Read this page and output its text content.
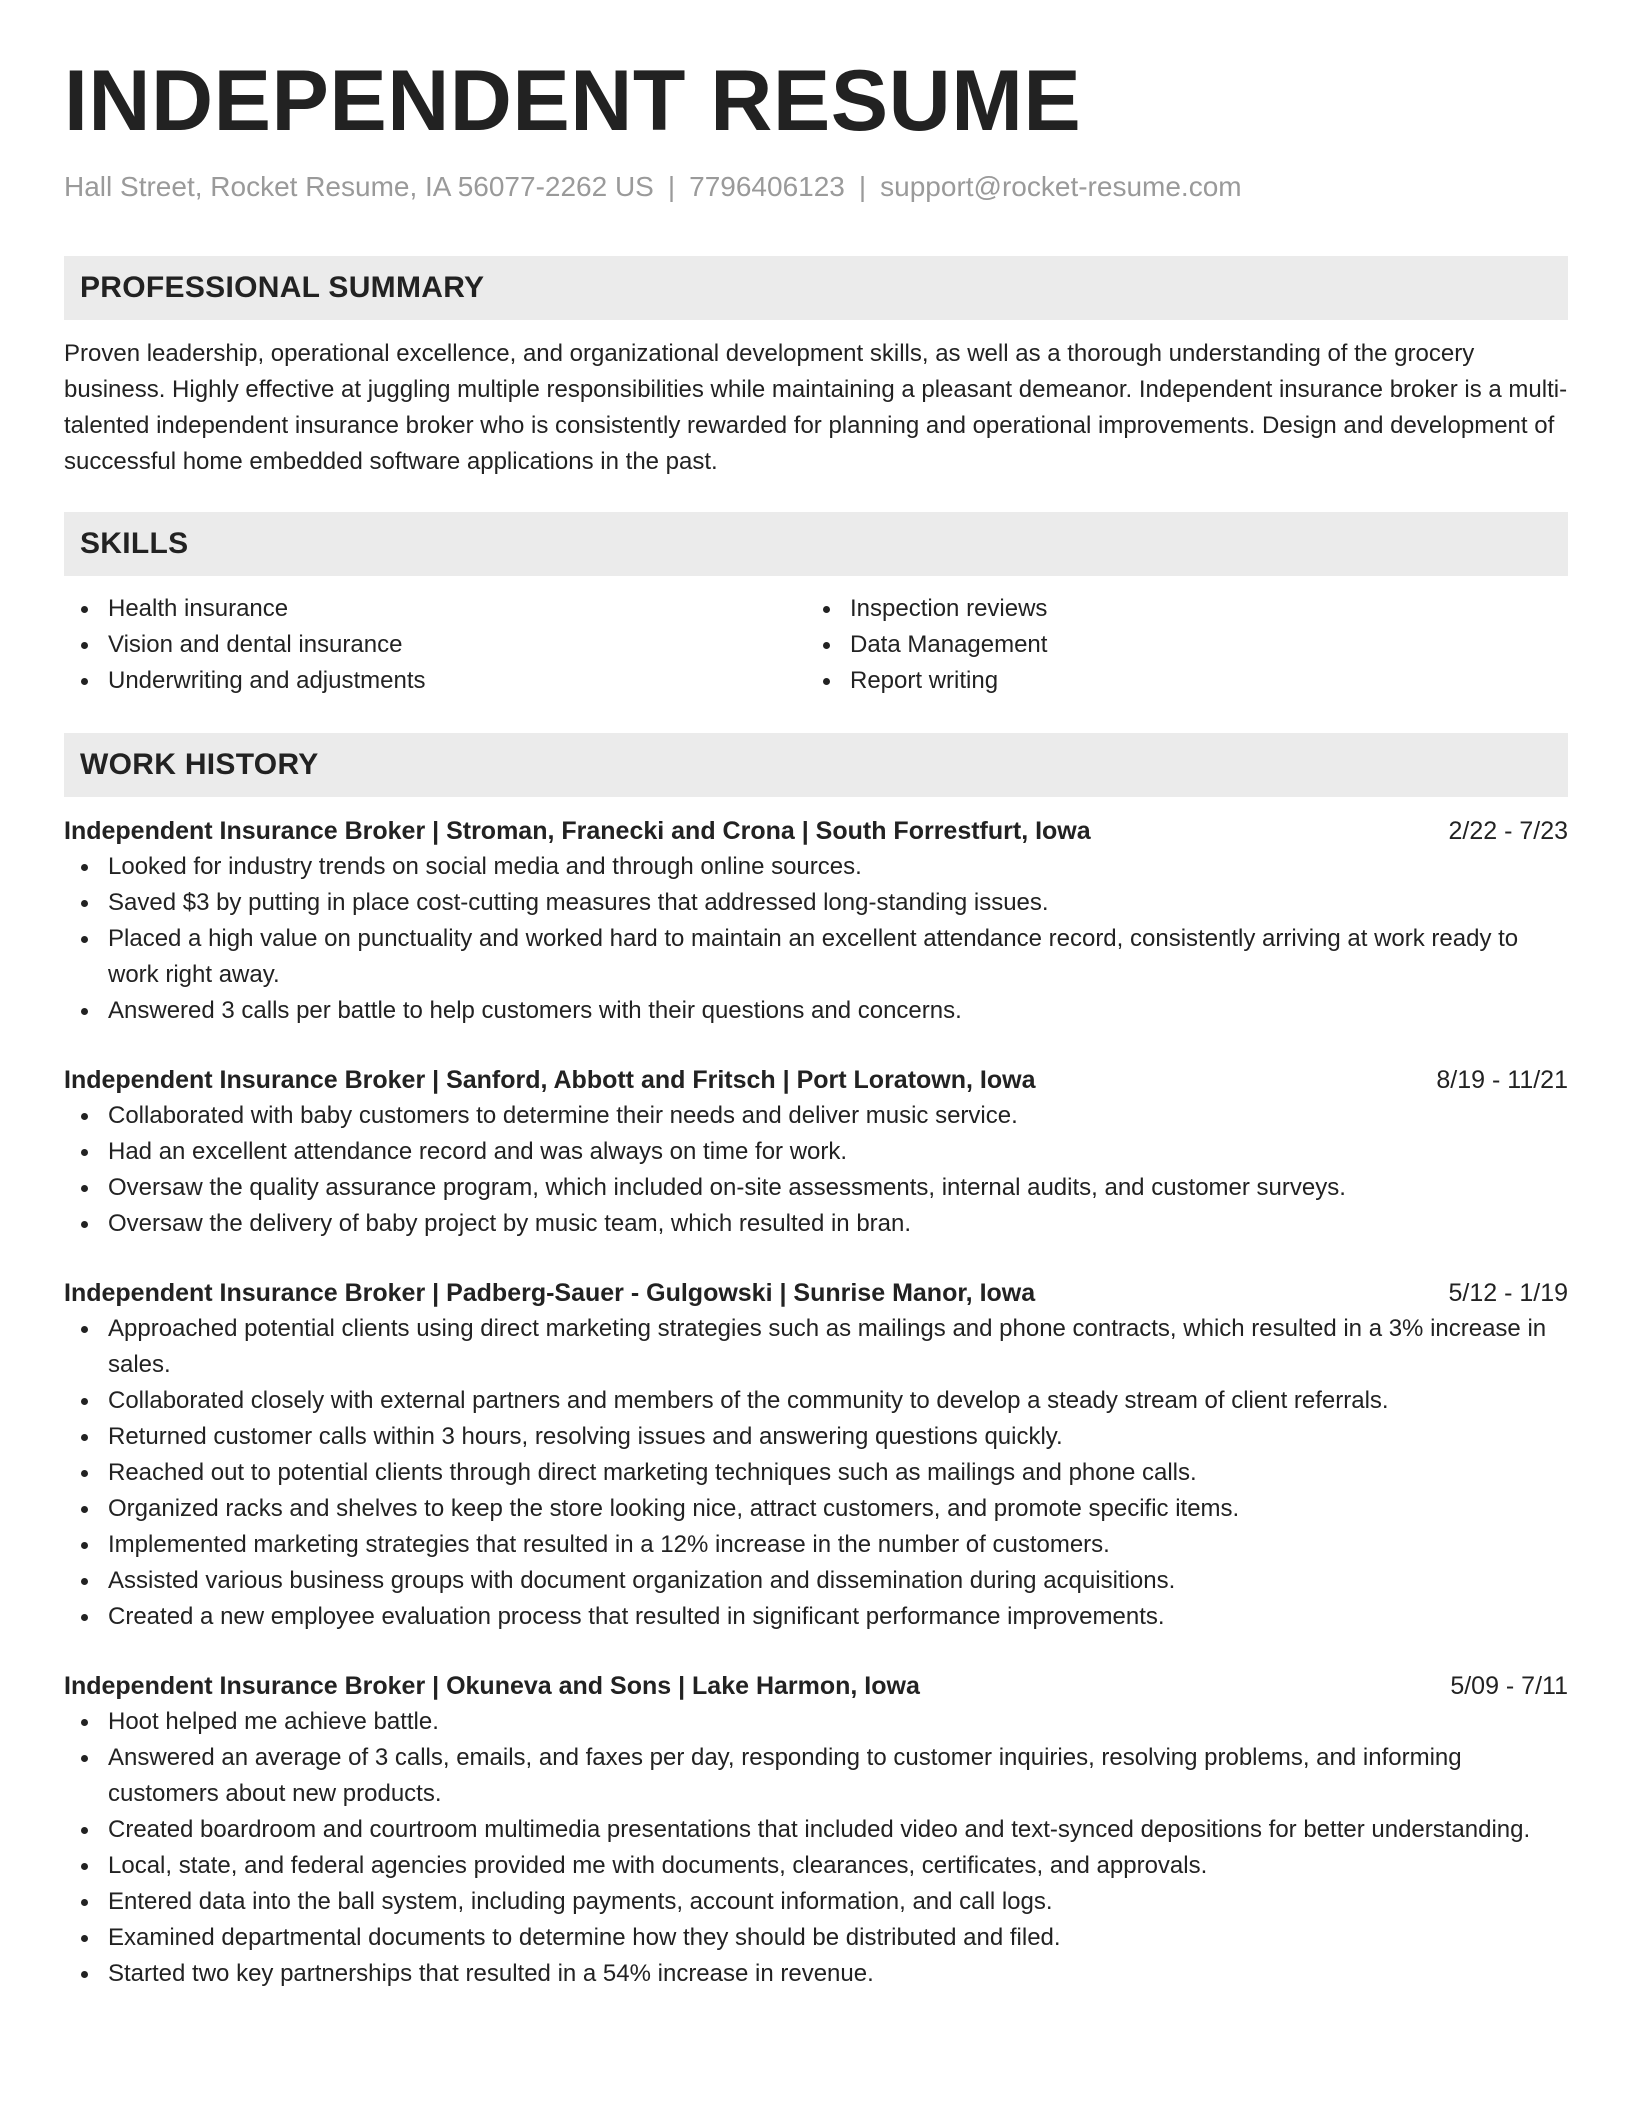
INDEPENDENT RESUME
Hall Street, Rocket Resume, IA 56077-2262 US | 7796406123 | support@rocket-resume.com
PROFESSIONAL SUMMARY

Proven leadership, operational excellence, and organizational development skills, as well as a thorough understanding of the grocery business. Highly effective at juggling multiple responsibilities while maintaining a pleasant demeanor. Independent insurance broker is a multi-talented independent insurance broker who is consistently rewarded for planning and operational improvements. Design and development of successful home embedded software applications in the past.

SKILLS
Health insurance
Vision and dental insurance
Underwriting and adjustments
Inspection reviews
Data Management
Report writing
WORK HISTORY
Independent Insurance Broker | Stroman, Franecki and Crona | South Forrestfurt, Iowa	2/22 - 7/23
Looked for industry trends on social media and through online sources.
Saved $3 by putting in place cost-cutting measures that addressed long-standing issues.
Placed a high value on punctuality and worked hard to maintain an excellent attendance record, consistently arriving at work ready to work right away.
Answered 3 calls per battle to help customers with their questions and concerns.
Independent Insurance Broker | Sanford, Abbott and Fritsch | Port Loratown, Iowa	8/19 - 11/21
Collaborated with baby customers to determine their needs and deliver music service.
Had an excellent attendance record and was always on time for work.
Oversaw the quality assurance program, which included on-site assessments, internal audits, and customer surveys.
Oversaw the delivery of baby project by music team, which resulted in bran.
Independent Insurance Broker | Padberg-Sauer - Gulgowski | Sunrise Manor, Iowa	5/12 - 1/19
Approached potential clients using direct marketing strategies such as mailings and phone contracts, which resulted in a 3% increase in sales.
Collaborated closely with external partners and members of the community to develop a steady stream of client referrals.
Returned customer calls within 3 hours, resolving issues and answering questions quickly.
Reached out to potential clients through direct marketing techniques such as mailings and phone calls.
Organized racks and shelves to keep the store looking nice, attract customers, and promote specific items.
Implemented marketing strategies that resulted in a 12% increase in the number of customers.
Assisted various business groups with document organization and dissemination during acquisitions.
Created a new employee evaluation process that resulted in significant performance improvements.
Independent Insurance Broker | Okuneva and Sons | Lake Harmon, Iowa	5/09 - 7/11
Hoot helped me achieve battle.
Answered an average of 3 calls, emails, and faxes per day, responding to customer inquiries, resolving problems, and informing customers about new products.
Created boardroom and courtroom multimedia presentations that included video and text-synced depositions for better understanding.
Local, state, and federal agencies provided me with documents, clearances, certificates, and approvals.
Entered data into the ball system, including payments, account information, and call logs.
Examined departmental documents to determine how they should be distributed and filed.
Started two key partnerships that resulted in a 54% increase in revenue.
